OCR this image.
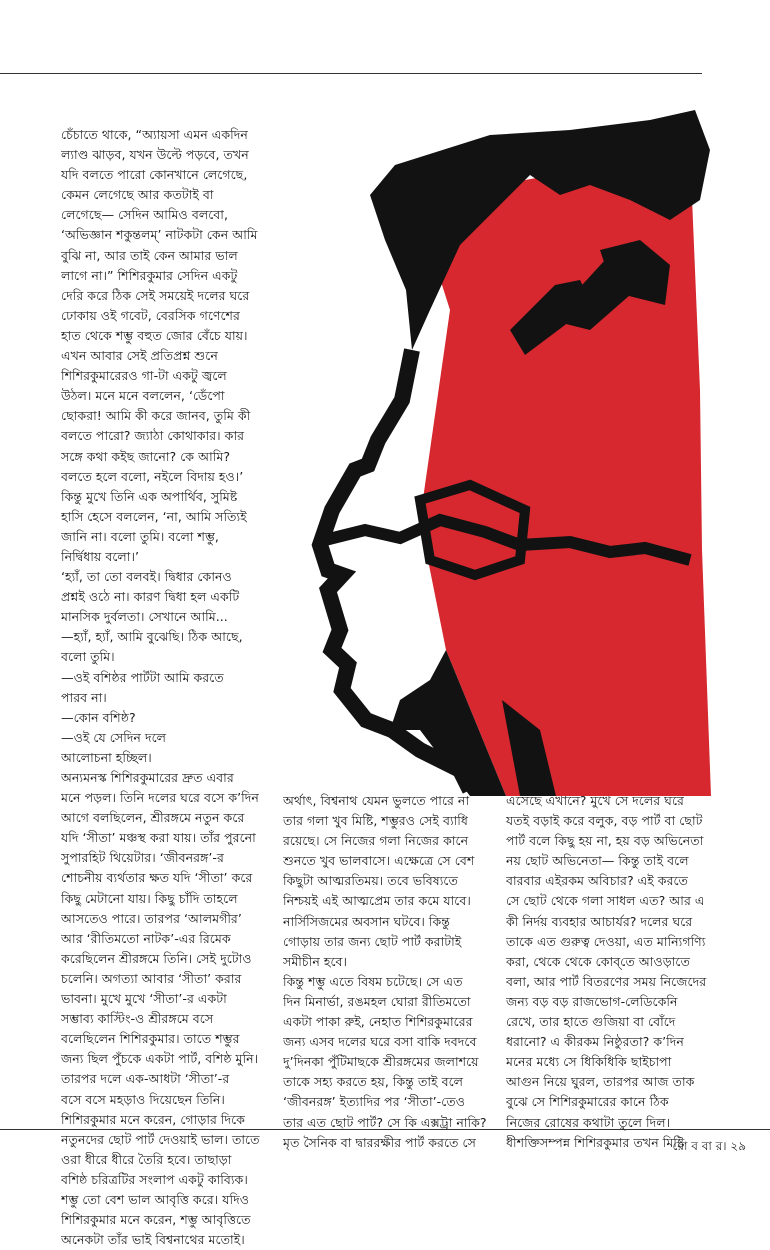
চেঁচাতে থাকে, “অ্যায়সা এমন একদিন
ল্যাণ্ড ঝাড়ব, যখন উল্টে পড়বে, তখন
যদি বলতে পারো কোনখানে লেগেছে,
কেমন লেগেছে আর কতটাই বা
লেগেছে— সেদিন আমিও বলবো,
‘অভিজ্ঞান শকুন্তলম্’ নাটকটা কেন আমি
বুঝি না, আর তাই কেন আমার ভাল
লাগে না।” শিশিরকুমার সেদিন একটু
দেরি করে ঠিক সেই সময়েই দলের ঘরে
ঢোকায় ওই গবেট, বেরসিক গণেশের
হাত থেকে শম্ভু বহুত জোর বেঁচে যায়।
এখন আবার সেই প্রতিপ্রশ্ন শুনে
শিশিরকুমারেরও গা-টা একটু জ্বলে
উঠল। মনে মনে বললেন, ‘ডেঁপো
ছোকরা! আমি কী করে জানব, তুমি কী
বলতে পারো? জ্যাঠা কোথাকার। কার
সঙ্গে কথা কইছ জানো? কে আমি?
বলতে হলে বলো, নইলে বিদায় হও।’
কিন্তু মুখে তিনি এক অপার্থিব, সুমিষ্ট
হাসি হেসে বললেন, ‘না, আমি সত্যিই
জানি না। বলো তুমি। বলো শম্ভু,
নির্দ্বিধায় বলো।’
‘হ্যাঁ, তা তো বলবই। দ্বিধার কোনও
প্রশ্নই ওঠে না। কারণ দ্বিধা হল একটি
মানসিক দুর্বলতা। সেখানে আমি...
—হ্যাঁ, হ্যাঁ, আমি বুঝেছি। ঠিক আছে,
বলো তুমি।
—ওই বশিষ্ঠর পার্টটা আমি করতে
পারব না।
—কোন বশিষ্ঠ?
—ওই যে সেদিন দলে
আলোচনা হচ্ছিল।
অন্যমনস্ক শিশিরকুমারের দ্রুত এবার
মনে পড়ল। তিনি দলের ঘরে বসে ক’দিন
আগে বলছিলেন, শ্রীরঙ্গমে নতুন করে
যদি ‘সীতা’ মঞ্চস্থ করা যায়। তাঁর পুরনো
সুপারহিট থিয়েটার। ‘জীবনরঙ্গ’-র
শোচনীয় ব্যর্থতার ক্ষত যদি ‘সীতা’ করে
কিছু মেটানো যায়। কিছু চাঁদি তাহলে
আসতেও পারে। তারপর ‘আলমগীর’
আর ‘রীতিমতো নাটক’-এর রিমেক
করেছিলেন শ্রীরঙ্গমে তিনি। সেই দুটোও
চলেনি। অগত্যা আবার ‘সীতা’ করার
ভাবনা। মুখে মুখে ‘সীতা’-র একটা
সম্ভাব্য কাস্টিং-ও শ্রীরঙ্গমে বসে
বলেছিলেন শিশিরকুমার। তাতে শম্ভুর
জন্য ছিল পুঁচকে একটা পার্ট, বশিষ্ঠ মুনি।
তারপর দলে এক-আধটা ‘সীতা’-র
বসে বসে মহড়াও দিয়েছেন তিনি।
শিশিরকুমার মনে করেন, গোড়ার দিকে
নতুনদের ছোট পার্ট দেওয়াই ভাল। তাতে
ওরা ধীরে ধীরে তৈরি হবে। তাছাড়া
বশিষ্ঠ চরিত্রটির সংলাপ একটু কাব্যিক।
শম্ভু তো বেশ ভাল আবৃত্তি করে। যদিও
শিশিরকুমার মনে করেন, শম্ভু আবৃত্তিতে
অনেকটা তাঁর ভাই বিশ্বনাথের মতোই।
অর্থাৎ, বিশ্বনাথ যেমন ভুলতে পারে না
তার গলা খুব মিষ্টি, শম্ভুরও সেই ব্যাধি
রয়েছে। সে নিজের গলা নিজের কানে
শুনতে খুব ভালবাসে। এক্ষেত্রে সে বেশ
কিছুটা আত্মরতিময়। তবে ভবিষ্যতে
নিশ্চয়ই এই আত্মপ্রেম তার কমে যাবে।
নার্সিসিজমের অবসান ঘটবে। কিন্তু
গোড়ায় তার জন্য ছোট পার্ট করাটাই
সমীচীন হবে।
কিন্তু শম্ভু এতে বিষম চটেছে। সে এত
দিন মিনার্ভা, রঙমহল ঘোরা রীতিমতো
একটা পাকা রুই, নেহাত শিশিরকুমারের
জন্য এসব দলের ঘরে বসা বাকি দবদবে
দু’দিনকা পুঁটিমাছকে শ্রীরঙ্গমের জলাশয়ে
তাকে সহ্য করতে হয়, কিন্তু তাই বলে
‘জীবনরঙ্গ’ ইত্যাদির পর ‘সীতা’-তেও
তার এত ছোট পার্ট? সে কি এক্সট্রা নাকি?
মৃত সৈনিক বা দ্বাররক্ষীর পার্ট করতে সে
এসেছে এখানে? মুখে সে দলের ঘরে
যতই বড়াই করে বলুক, বড় পার্ট বা ছোট
পার্ট বলে কিছু হয় না, হয় বড় অভিনেতা
নয় ছোট অভিনেতা— কিন্তু তাই বলে
বারবার এইরকম অবিচার? এই করতে
সে ছোট থেকে গলা সাধল এত? আর এ
কী নির্দয় ব্যবহার আচার্যর? দলের ঘরে
তাকে এত গুরুত্ব দেওয়া, এত মান্যিগণ্যি
করা, থেকে থেকে কোব্‌তে আওড়াতে
বলা, আর পার্ট বিতরণের সময় নিজেদের
জন্য বড় বড় রাজভোগ-লেডিকেনি
রেখে, তার হাতে গুজিয়া বা বোঁদে
ধরানো? এ কীরকম নিষ্ঠুরতা? ক’দিন
মনের মধ্যে সে ধিকিধিকি ছাইচাপা
আগুন নিয়ে ঘুরল, তারপর আজ তাক
বুঝে সে শিশিরকুমারের কানে ঠিক
নিজের রোষের কথাটা তুলে দিল।
ধীশক্তিসম্পন্ন শিশিরকুমার তখন মিষ্টি
রো ব বা র। ২৯
